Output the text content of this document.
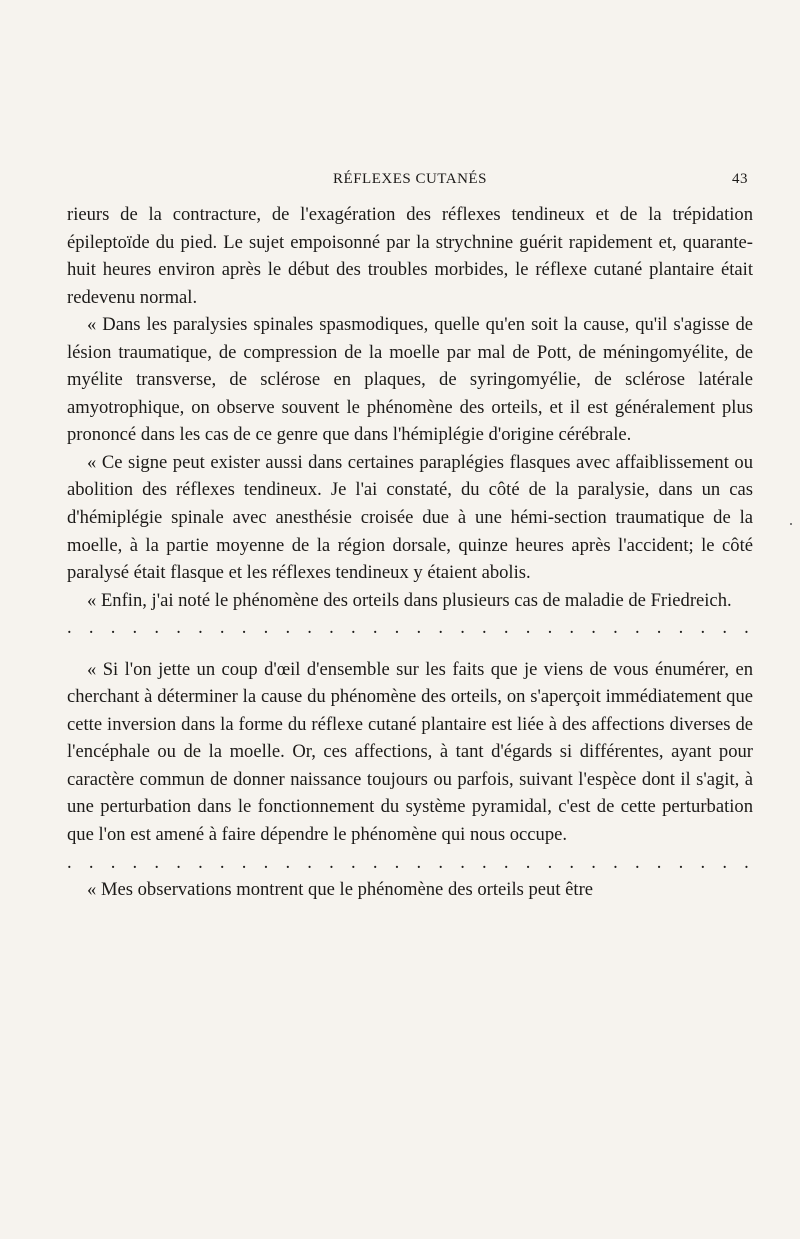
RÉFLEXES CUTANÉS	43

rieurs de la contracture, de l'exagération des réflexes tendineux et de la trépidation épileptoïde du pied. Le sujet empoisonné par la strychnine guérit rapidement et, quarante-huit heures environ après le début des troubles morbides, le réflexe cutané plantaire était redevenu normal.

« Dans les paralysies spinales spasmodiques, quelle qu'en soit la cause, qu'il s'agisse de lésion traumatique, de compression de la moelle par mal de Pott, de méningomyélite, de myélite transverse, de sclérose en plaques, de syringomyélie, de sclérose latérale amyotrophique, on observe souvent le phénomène des orteils, et il est généralement plus prononcé dans les cas de ce genre que dans l'hémiplégie d'origine cérébrale.

« Ce signe peut exister aussi dans certaines paraplégies flasques avec affaiblissement ou abolition des réflexes tendineux. Je l'ai constaté, du côté de la paralysie, dans un cas d'hémiplégie spinale avec anesthésie croisée due à une hémi-section traumatique de la moelle, à la partie moyenne de la région dorsale, quinze heures après l'accident; le côté paralysé était flasque et les réflexes tendineux y étaient abolis.

« Enfin, j'ai noté le phénomène des orteils dans plusieurs cas de maladie de Friedreich.

. . . . . . . . . . . . . . . . . . . . . . . . . . . . . . . .

« Si l'on jette un coup d'œil d'ensemble sur les faits que je viens de vous énumérer, en cherchant à déterminer la cause du phénomène des orteils, on s'aperçoit immédiatement que cette inversion dans la forme du réflexe cutané plantaire est liée à des affections diverses de l'encéphale ou de la moelle. Or, ces affections, à tant d'égards si différentes, ayant pour caractère commun de donner naissance toujours ou parfois, suivant l'espèce dont il s'agit, à une perturbation dans le fonctionnement du système pyramidal, c'est de cette perturbation que l'on est amené à faire dépendre le phénomène qui nous occupe.

. . . . . . . . . . . . . . . . . . . . . . . . . . . . . . . .

« Mes observations montrent que le phénomène des orteils peut être
